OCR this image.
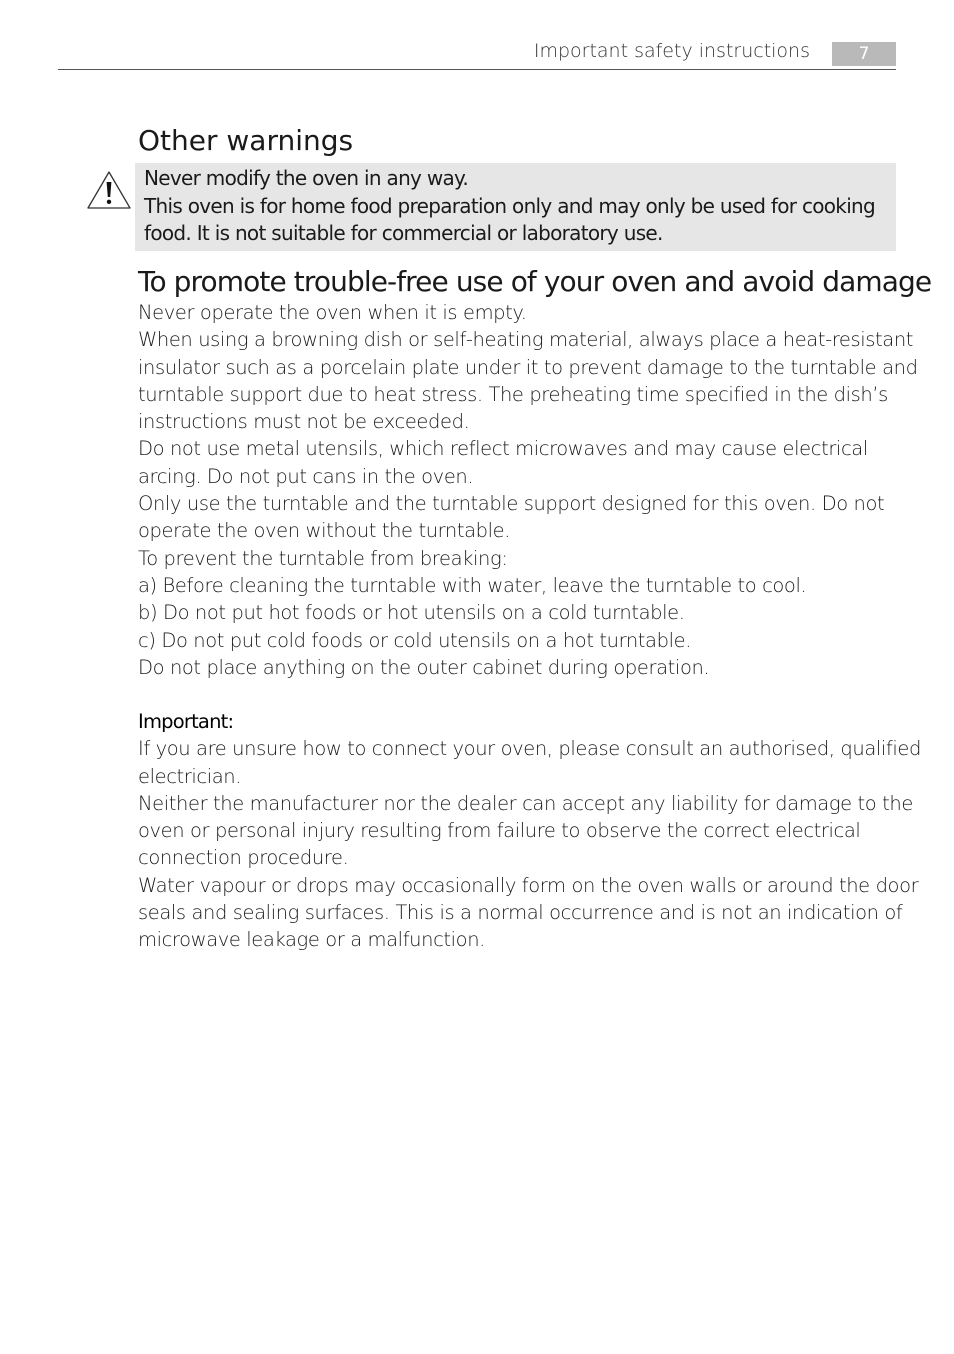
Important safety instructions	7
Other warnings
Never modify the oven in any way.
This oven is for home food preparation only and may only be used for cooking
food. It is not suitable for commercial or laboratory use.
To promote trouble-free use of your oven and avoid damage
Never operate the oven when it is empty.
When using a browning dish or self-heating material, always place a heat-resistant
insulator such as a porcelain plate under it to prevent damage to the turntable and
turntable support due to heat stress. The preheating time specified in the dish’s
instructions must not be exceeded.
Do not use metal utensils, which reflect microwaves and may cause electrical
arcing. Do not put cans in the oven.
Only use the turntable and the turntable support designed for this oven. Do not
operate the oven without the turntable.
To prevent the turntable from breaking:
a) Before cleaning the turntable with water, leave the turntable to cool.
b) Do not put hot foods or hot utensils on a cold turntable.
c) Do not put cold foods or cold utensils on a hot turntable.
Do not place anything on the outer cabinet during operation.
Important:
If you are unsure how to connect your oven, please consult an authorised, qualified
electrician.
Neither the manufacturer nor the dealer can accept any liability for damage to the
oven or personal injury resulting from failure to observe the correct electrical
connection procedure.
Water vapour or drops may occasionally form on the oven walls or around the door
seals and sealing surfaces. This is a normal occurrence and is not an indication of
microwave leakage or a malfunction.
